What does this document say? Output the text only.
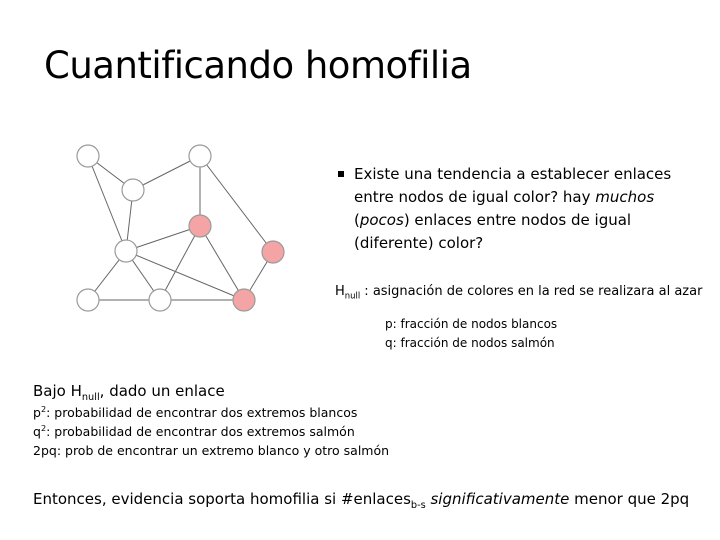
Cuantificando homofilia
Existe una tendencia a establecer enlaces entre nodos de igual color? hay muchos (pocos) enlaces entre nodos de igual (diferente) color?
$H_{null}$ : asignación de colores en la red se realizara al azar
p: fracción de nodos blancos
q: fracción de nodos salmón
Bajo $H_{null}$, dado un enlace
$p^2$: probabilidad de encontrar dos extremos blancos
$q^2$: probabilidad de encontrar dos extremos salmón
2pq: prob de encontrar un extremo blanco y otro salmón
Entonces, evidencia soporta homofilia si #enlaces$_{b-s}$ significativamente menor que 2pq
